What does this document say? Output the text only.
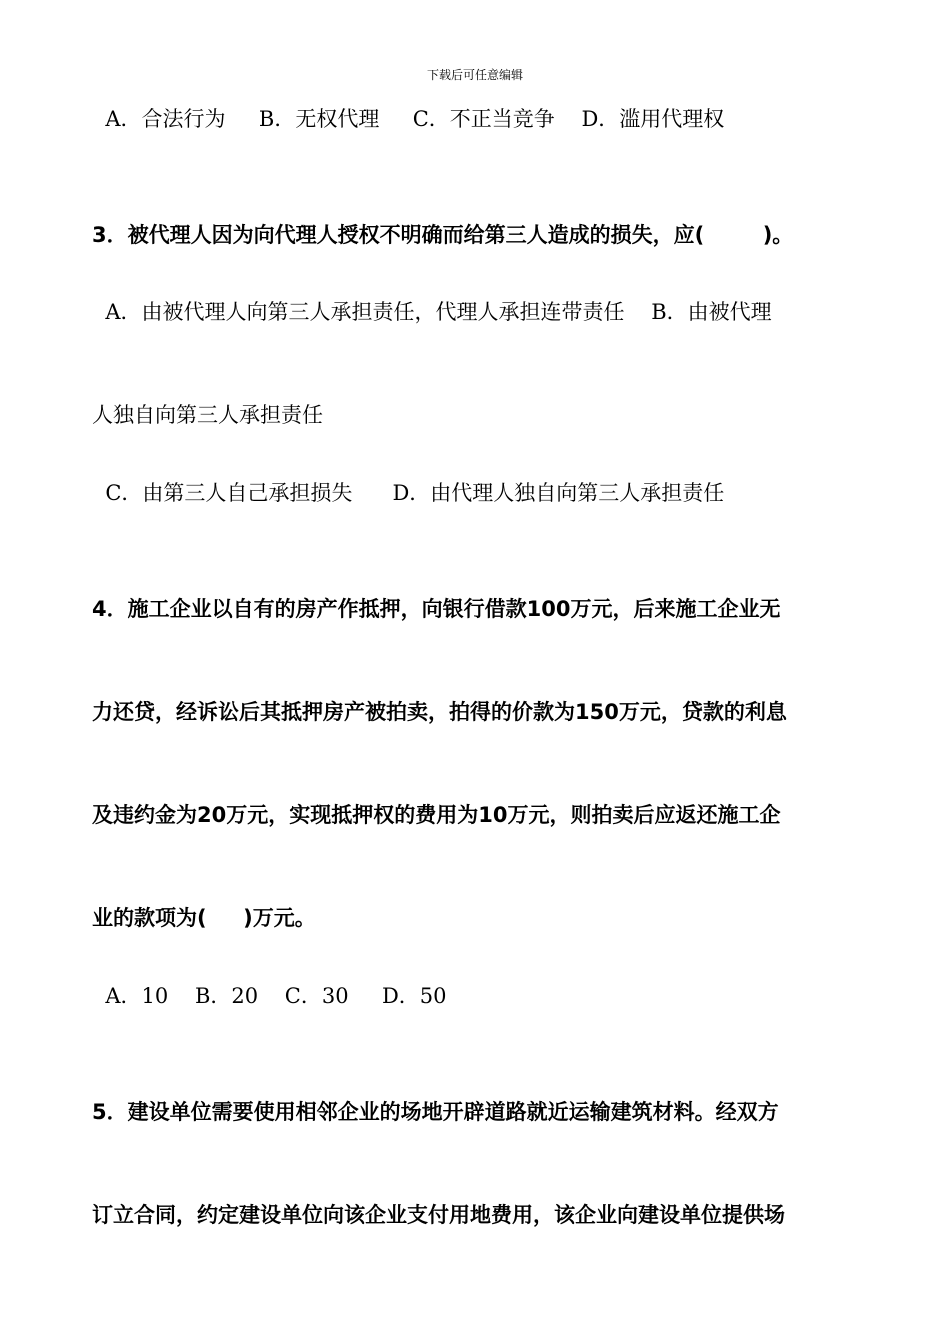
下载后可任意编辑
A．合法行为     B．无权代理     C．不正当竞争    D．滥用代理权
3．被代理人因为向代理人授权不明确而给第三人造成的损失，应(        )。
A．由被代理人向第三人承担责任，代理人承担连带责任    B．由被代理
人独自向第三人承担责任
C．由第三人自己承担损失      D．由代理人独自向第三人承担责任
4．施工企业以自有的房产作抵押，向银行借款100万元，后来施工企业无
力还贷，经诉讼后其抵押房产被拍卖，拍得的价款为150万元，贷款的利息
及违约金为20万元，实现抵押权的费用为10万元，则拍卖后应返还施工企
业的款项为(     )万元。
A．10    B．20    C．30     D．50
5．建设单位需要使用相邻企业的场地开辟道路就近运输建筑材料。经双方
订立合同，约定建设单位向该企业支付用地费用，该企业向建设单位提供场
